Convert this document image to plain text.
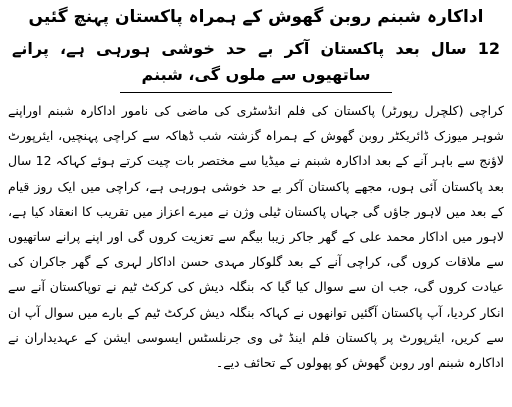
اداکارہ شبنم روبن گھوش کے ہمراہ پاکستان پہنچ گئیں
12 سال بعد پاکستان آکر بے حد خوشی ہورہی ہے، پرانے ساتھیوں سے ملوں گی، شبنم

کراچی (کلچرل رپورٹر) پاکستان کی فلم انڈسٹری کی ماضی کی نامور اداکارہ شبنم اوراپنے شوہر میوزک ڈائریکٹر روبن گھوش کے ہمراہ گزشتہ شب ڈھاکہ سے کراچی پہنچیں، ایئرپورٹ لاؤنج سے باہر آنے کے بعد اداکارہ شبنم نے میڈیا سے مختصر بات چیت کرتے ہوئے کہاکہ 12 سال بعد پاکستان آئی ہوں، مجھے پاکستان آکر بے حد خوشی ہورہی ہے، کراچی میں ایک روز قیام کے بعد میں لاہور جاؤں گی جہاں پاکستان ٹیلی وژن نے میرے اعزاز میں تقریب کا انعقاد کیا ہے، لاہور میں اداکار محمد علی کے گھر جاکر زیبا بیگم سے تعزیت کروں گی اور اپنے پرانے ساتھیوں سے ملاقات کروں گی، کراچی آنے کے بعد گلوکار مہدی حسن اداکار لہری کے گھر جاکران کی عیادت کروں گی، جب ان سے سوال کیا گیا کہ بنگلہ دیش کی کرکٹ ٹیم نے توپاکستان آنے سے انکار کردیا، آپ پاکستان آگئیں توانھوں نے کہاکہ بنگلہ دیش کرکٹ ٹیم کے بارے میں سوال آپ ان سے کریں، ایئرپورٹ پر پاکستان فلم اینڈ ٹی وی جرنلسٹس ایسوسی ایشن کے عہدیداران نے اداکارہ شبنم اور روبن گھوش کو پھولوں کے تحائف دیے۔
